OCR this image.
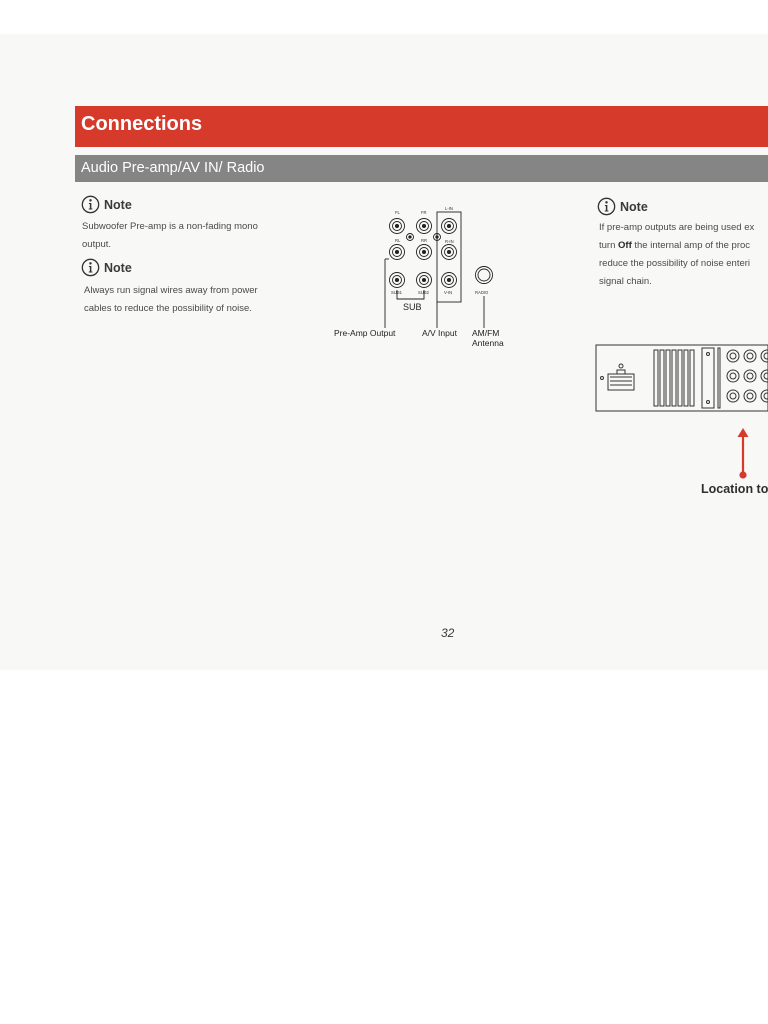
Connections
Audio Pre-amp/AV IN/ Radio
Note
Subwoofer Pre-amp is a non-fading mono
output.
Note
Always run signal wires away from power
cables to reduce the possibility of noise.
Note
If pre-amp outputs are being used ex
turn Off the internal amp of the proc
reduce the possibility of noise enteri
signal chain.
FL	FR
L-IN
RL	RR	R-IN
SUB1	SUB2	V-IN	RADIO
SUB
Pre-Amp Output	A/V Input AM/FM
Antenna
Location to
32
